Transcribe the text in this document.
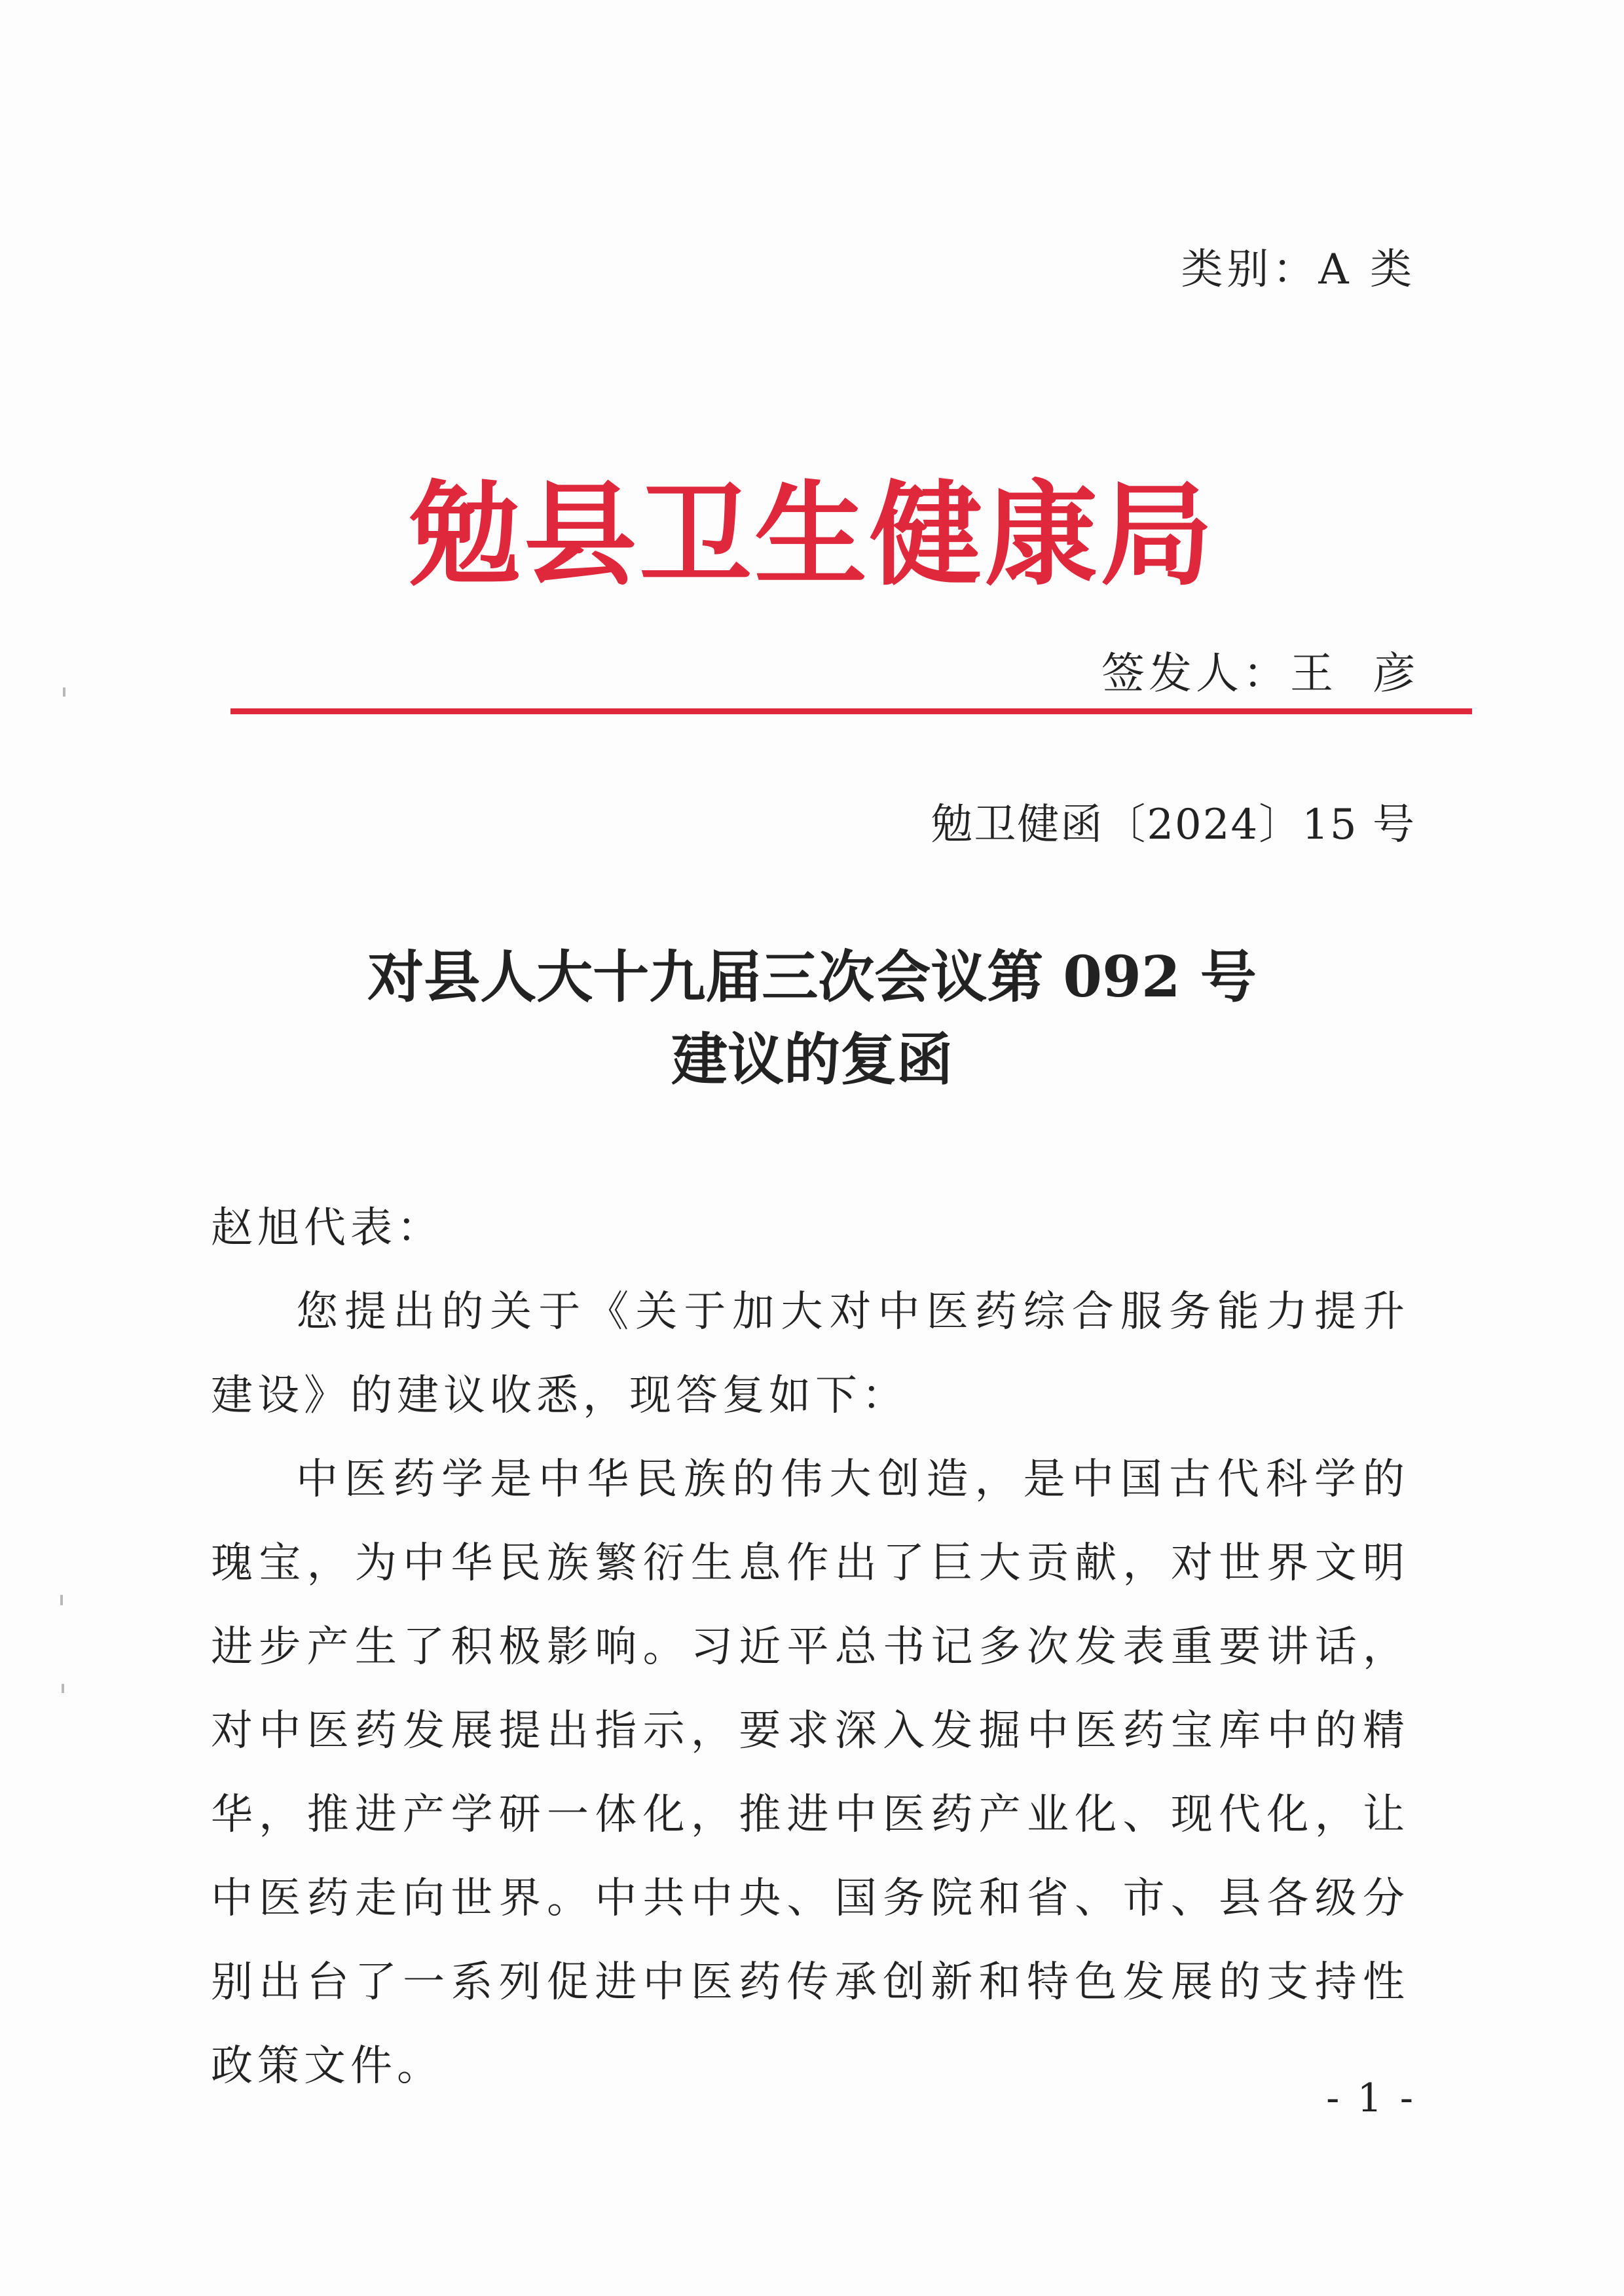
类别：A 类
勉县卫生健康局
签发人：王彦
勉卫健函〔2024〕15 号
对县人大十九届三次会议第 092 号
建议的复函
赵旭代表：

您提出的关于《关于加大对中医药综合服务能力提升建设》的建议收悉，现答复如下：

中医药学是中华民族的伟大创造，是中国古代科学的瑰宝，为中华民族繁衍生息作出了巨大贡献，对世界文明进步产生了积极影响。习近平总书记多次发表重要讲话，对中医药发展提出指示，要求深入发掘中医药宝库中的精华，推进产学研一体化，推进中医药产业化、现代化，让中医药走向世界。中共中央、国务院和省、市、县各级分别出台了一系列促进中医药传承创新和特色发展的支持性政策文件。

- 1 -
